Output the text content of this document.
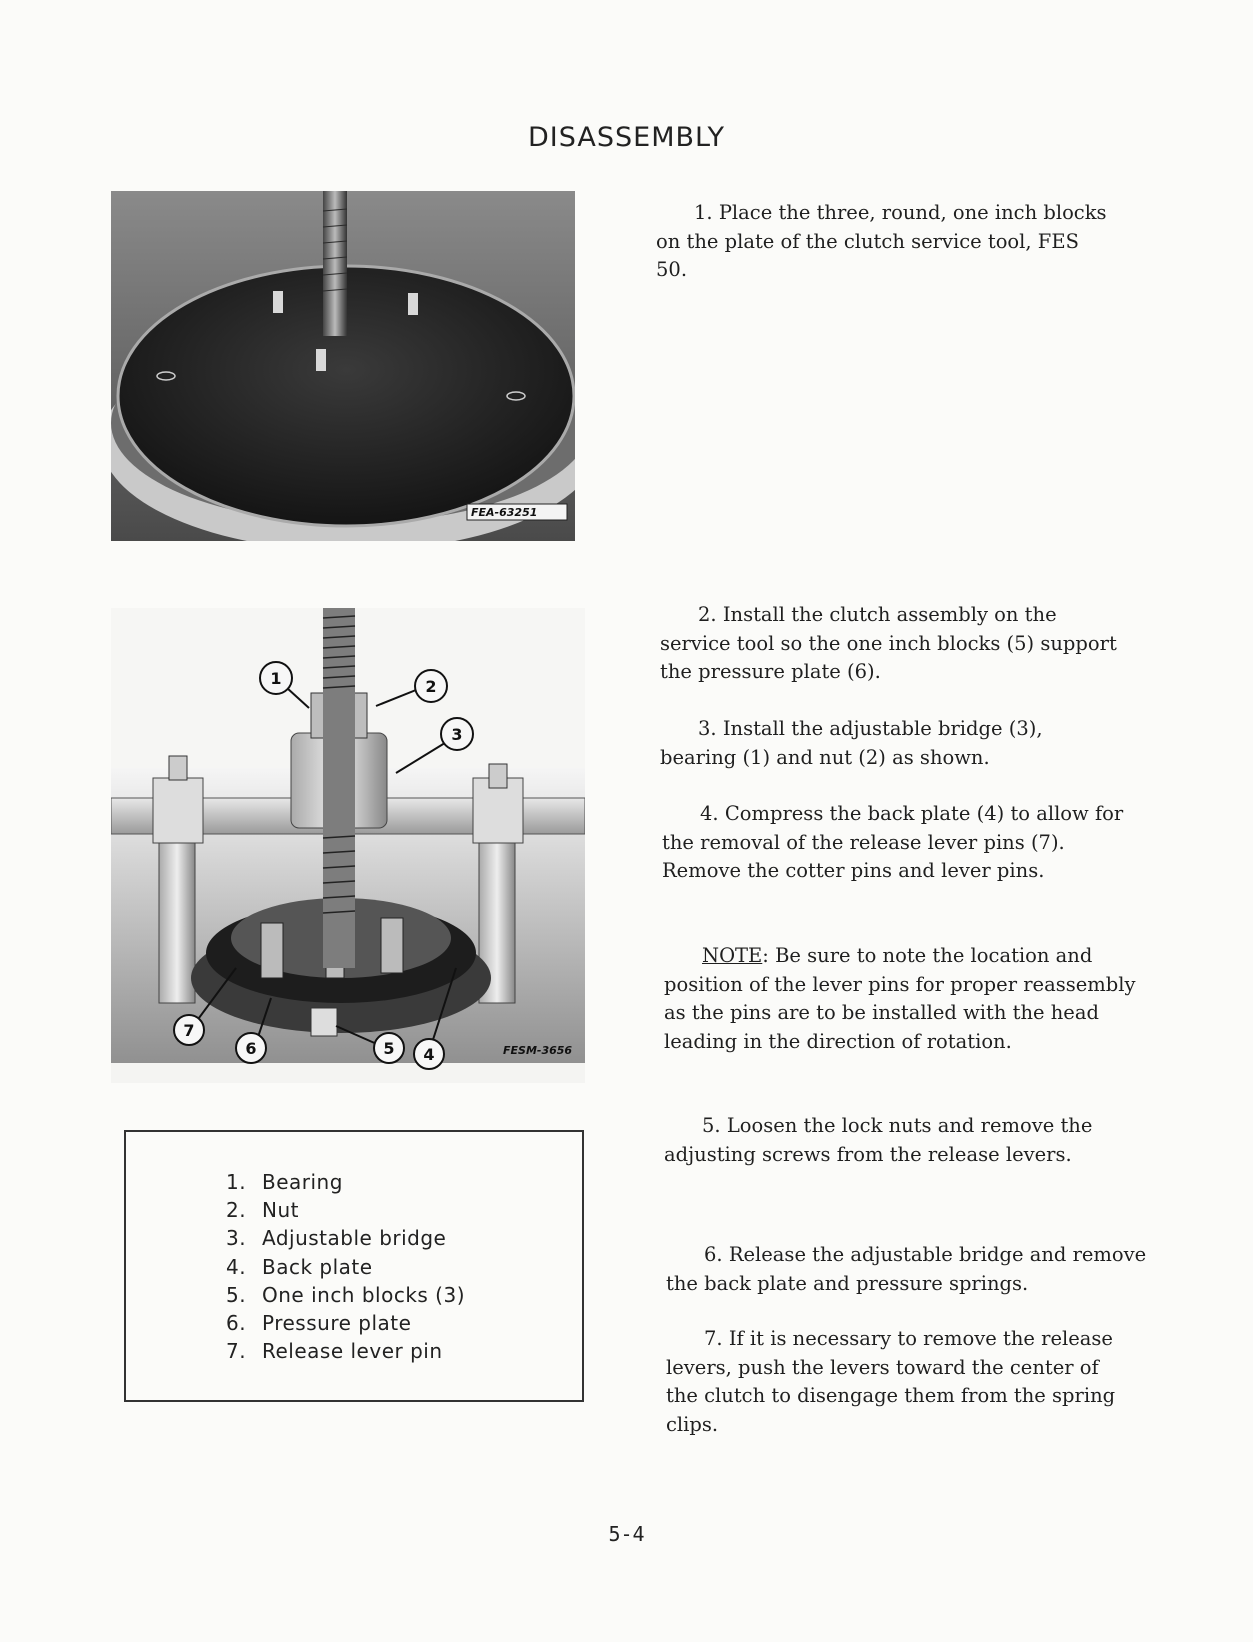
DISASSEMBLY
FEA-63251
1	2
3
4
5
6
7
FESM-3656
1. Bearing
2. Nut
3. Adjustable bridge
4. Back plate
5. One inch blocks (3)
6. Pressure plate
7. Release lever pin

1. Place the three, round, one inch blocks on the plate of the clutch service tool, FES 50.

2. Install the clutch assembly on the service tool so the one inch blocks (5) support the pressure plate (6).

3. Install the adjustable bridge (3), bearing (1) and nut (2) as shown.

4. Compress the back plate (4) to allow for the removal of the release lever pins (7). Remove the cotter pins and lever pins.

NOTE: Be sure to note the location and position of the lever pins for proper reassembly as the pins are to be installed with the head leading in the direction of rotation.

5. Loosen the lock nuts and remove the adjusting screws from the release levers.

6. Release the adjustable bridge and remove the back plate and pressure springs.

7. If it is necessary to remove the release levers, push the levers toward the center of the clutch to disengage them from the spring clips.

5-4
